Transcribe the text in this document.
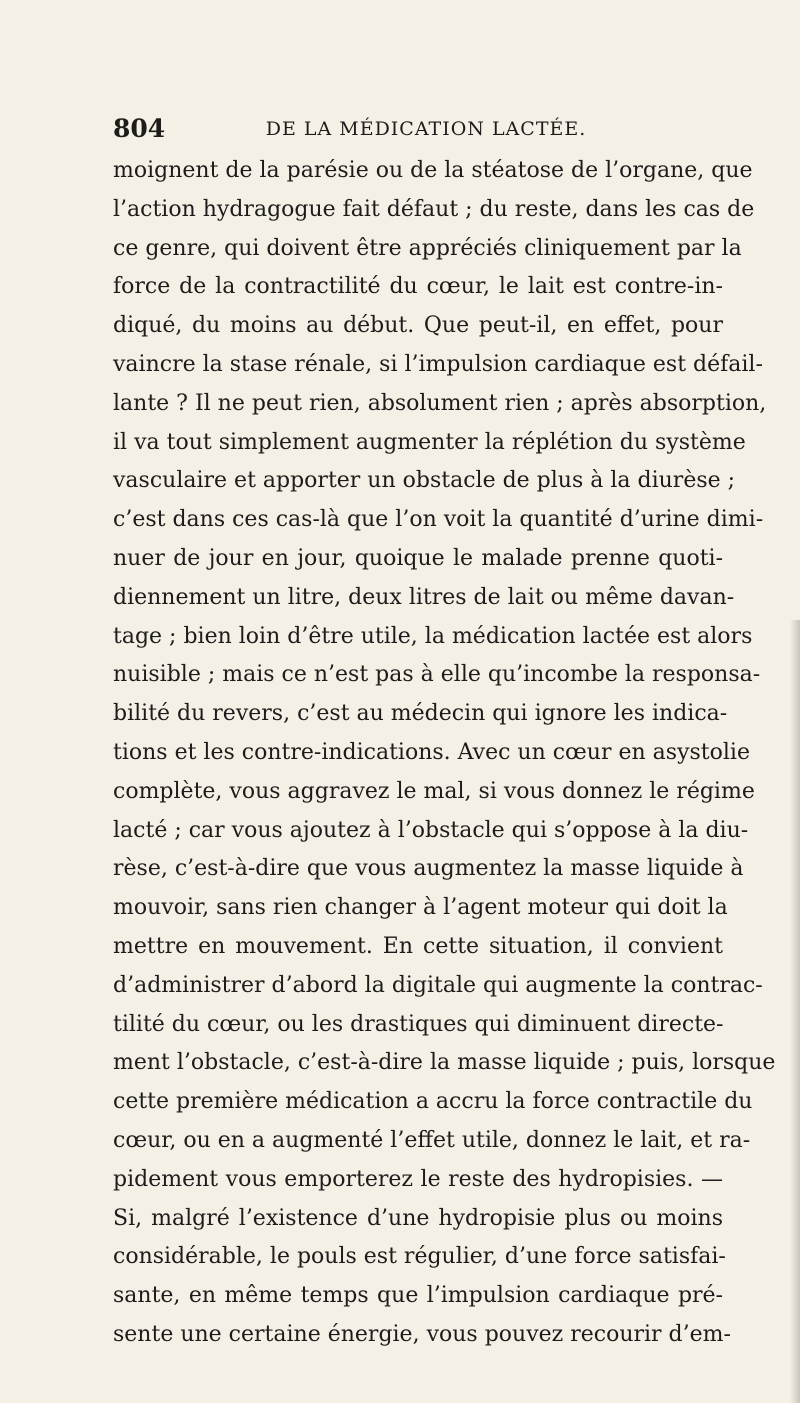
804	DE LA MÉDICATION LACTÉE.
moignent de la parésie ou de la stéatose de l’organe, que
l’action hydragogue fait défaut ; du reste, dans les cas de
ce genre, qui doivent être appréciés cliniquement par la
force de la contractilité du cœur, le lait est contre-in-
diqué, du moins au début. Que peut-il, en effet, pour
vaincre la stase rénale, si l’impulsion cardiaque est défail-
lante ? Il ne peut rien, absolument rien ; après absorption,
il va tout simplement augmenter la réplétion du système
vasculaire et apporter un obstacle de plus à la diurèse ;
c’est dans ces cas-là que l’on voit la quantité d’urine dimi-
nuer de jour en jour, quoique le malade prenne quoti-
diennement un litre, deux litres de lait ou même davan-
tage ; bien loin d’être utile, la médication lactée est alors
nuisible ; mais ce n’est pas à elle qu’incombe la responsa-
bilité du revers, c’est au médecin qui ignore les indica-
tions et les contre-indications. Avec un cœur en asystolie
complète, vous aggravez le mal, si vous donnez le régime
lacté ; car vous ajoutez à l’obstacle qui s’oppose à la diu-
rèse, c’est-à-dire que vous augmentez la masse liquide à
mouvoir, sans rien changer à l’agent moteur qui doit la
mettre en mouvement. En cette situation, il convient
d’administrer d’abord la digitale qui augmente la contrac-
tilité du cœur, ou les drastiques qui diminuent directe-
ment l’obstacle, c’est-à-dire la masse liquide ; puis, lorsque
cette première médication a accru la force contractile du
cœur, ou en a augmenté l’effet utile, donnez le lait, et ra-
pidement vous emporterez le reste des hydropisies. —
Si, malgré l’existence d’une hydropisie plus ou moins
considérable, le pouls est régulier, d’une force satisfai-
sante, en même temps que l’impulsion cardiaque pré-
sente une certaine énergie, vous pouvez recourir d’em-
